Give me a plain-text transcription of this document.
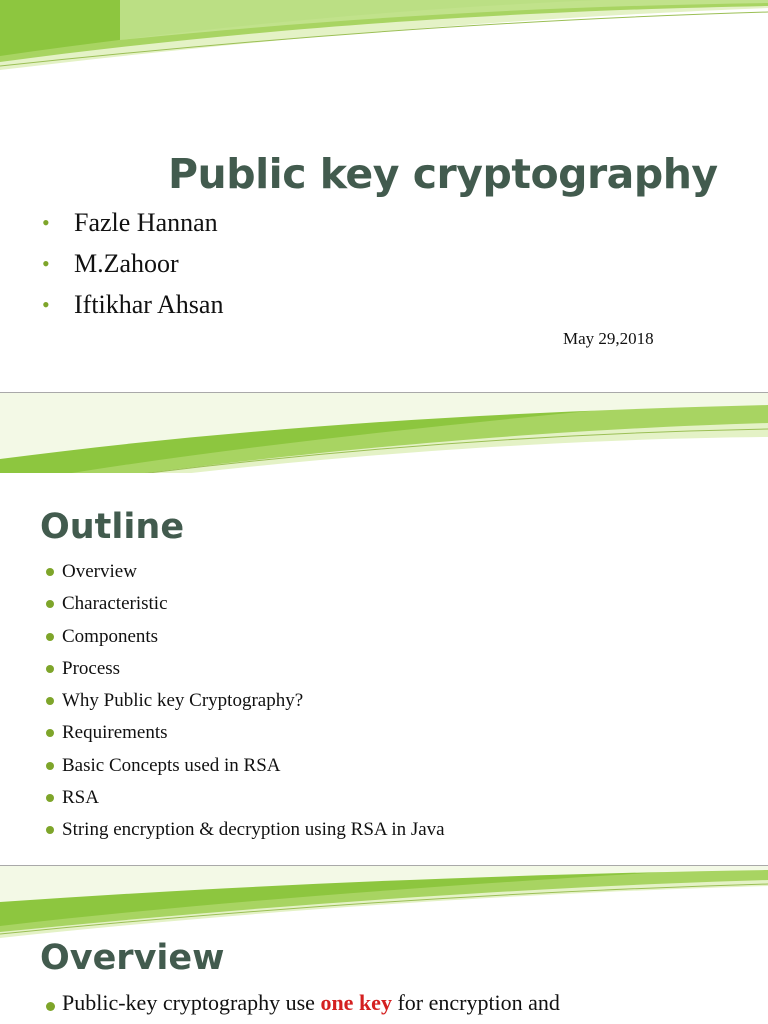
Public key cryptography
• Fazle Hannan
• M.Zahoor
• Iftikhar Ahsan
May 29,2018
Outline
Overview
Characteristic
Components
Process
Why Public key Cryptography?
Requirements
Basic Concepts used in RSA
RSA
String encryption & decryption using RSA in Java
Overview
Public-key cryptography use one key for encryption and
